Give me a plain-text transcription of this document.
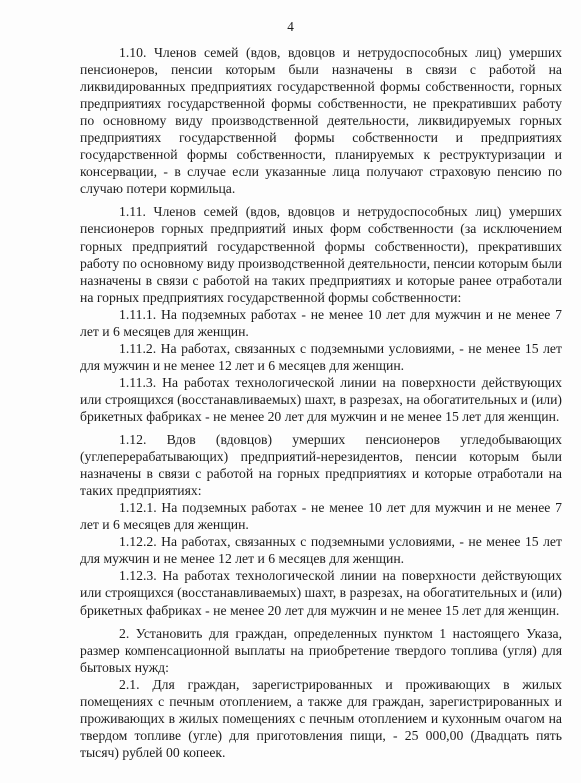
4

1.10. Членов семей (вдов, вдовцов и нетрудоспособных лиц) умерших пенсионеров, пенсии которым были назначены в связи с работой на ликвидированных предприятиях государственной формы собственности, горных предприятиях государственной формы собственности, не прекративших работу по основному виду производственной деятельности, ликвидируемых горных предприятиях государственной формы собственности и предприятиях государственной формы собственности, планируемых к реструктуризации и консервации, - в случае если указанные лица получают страховую пенсию по случаю потери кормильца.

1.11. Членов семей (вдов, вдовцов и нетрудоспособных лиц) умерших пенсионеров горных предприятий иных форм собственности (за исключением горных предприятий государственной формы собственности), прекративших работу по основному виду производственной деятельности, пенсии которым были назначены в связи с работой на таких предприятиях и которые ранее отработали на горных предприятиях государственной формы собственности:

1.11.1. На подземных работах - не менее 10 лет для мужчин и не менее 7 лет и 6 месяцев для женщин.

1.11.2. На работах, связанных с подземными условиями, - не менее 15 лет для мужчин и не менее 12 лет и 6 месяцев для женщин.

1.11.3. На работах технологической линии на поверхности действующих или строящихся (восстанавливаемых) шахт, в разрезах, на обогатительных и (или) брикетных фабриках - не менее 20 лет для мужчин и не менее 15 лет для женщин.

1.12. Вдов (вдовцов) умерших пенсионеров угледобывающих (углеперерабатывающих) предприятий-нерезидентов, пенсии которым были назначены в связи с работой на горных предприятиях и которые отработали на таких предприятиях:

1.12.1. На подземных работах - не менее 10 лет для мужчин и не менее 7 лет и 6 месяцев для женщин.

1.12.2. На работах, связанных с подземными условиями, - не менее 15 лет для мужчин и не менее 12 лет и 6 месяцев для женщин.

1.12.3. На работах технологической линии на поверхности действующих или строящихся (восстанавливаемых) шахт, в разрезах, на обогатительных и (или) брикетных фабриках - не менее 20 лет для мужчин и не менее 15 лет для женщин.

2. Установить для граждан, определенных пунктом 1 настоящего Указа, размер компенсационной выплаты на приобретение твердого топлива (угля) для бытовых нужд:

2.1. Для граждан, зарегистрированных и проживающих в жилых помещениях с печным отоплением, а также для граждан, зарегистрированных и проживающих в жилых помещениях с печным отоплением и кухонным очагом на твердом топливе (угле) для приготовления пищи, - 25 000,00 (Двадцать пять тысяч) рублей 00 копеек.
